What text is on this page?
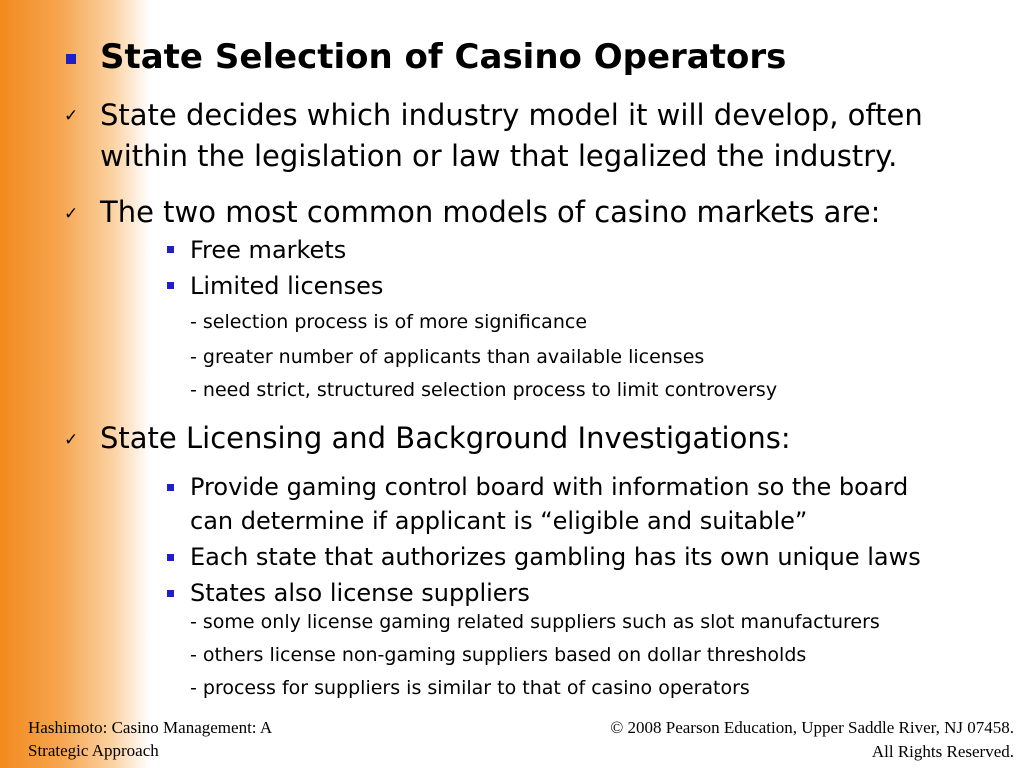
State Selection of Casino Operators
✓ State decides which industry model it will develop, often
within the legislation or law that legalized the industry.
✓ The two most common models of casino markets are:
Free markets
Limited licenses
- selection process is of more significance
- greater number of applicants than available licenses
- need strict, structured selection process to limit controversy
✓ State Licensing and Background Investigations:
Provide gaming control board with information so the board
can determine if applicant is “eligible and suitable”
Each state that authorizes gambling has its own unique laws
States also license suppliers
- some only license gaming related suppliers such as slot manufacturers
- others license non-gaming suppliers based on dollar thresholds
- process for suppliers is similar to that of casino operators
Hashimoto: Casino Management: A
Strategic Approach
© 2008 Pearson Education, Upper Saddle River, NJ 07458.
All Rights Reserved.
